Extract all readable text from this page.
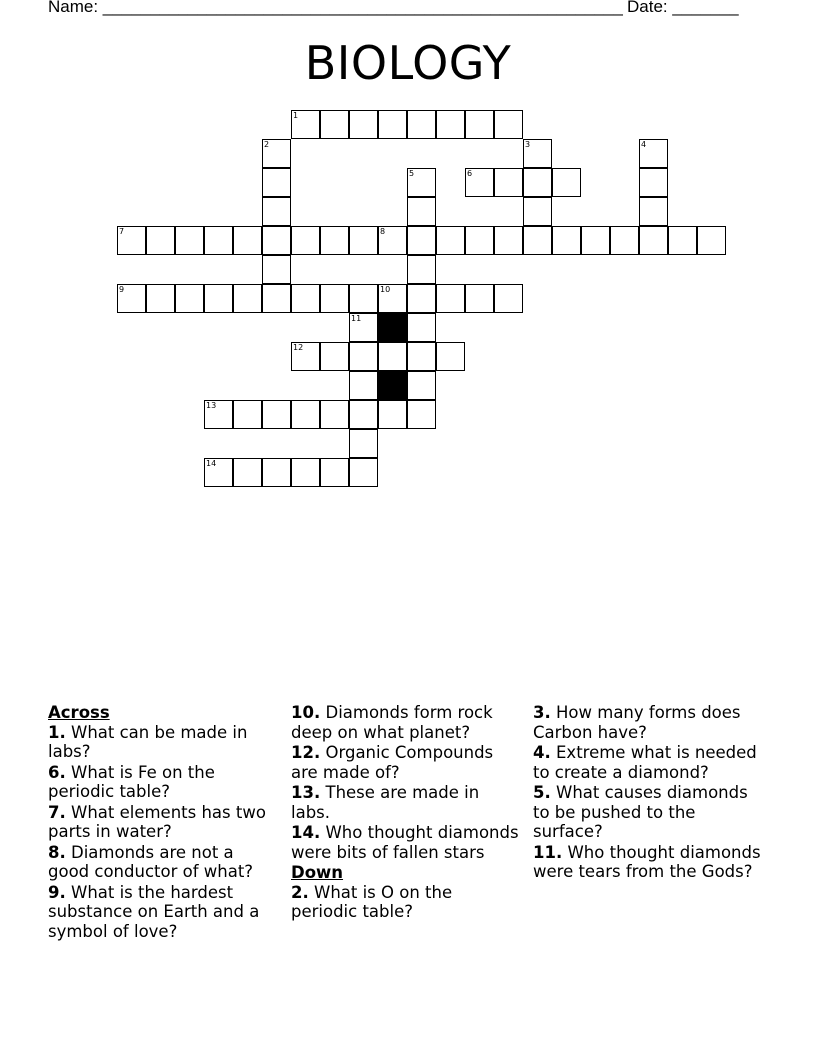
Name: _______________________________________________________ Date: _______
BIOLOGY
1
6
7	8
9	10
12
13
14
2	3	4
5
11
Across
1. What can be made in labs?
6. What is Fe on the periodic table?
7. What elements has two parts in water?
8. Diamonds are not a good conductor of what?
9. What is the hardest substance on Earth and a symbol of love?
10. Diamonds form rock deep on what planet?
12. Organic Compounds are made of?
13. These are made in labs.
14. Who thought diamonds were bits of fallen stars
Down
2. What is O on the periodic table?
3. How many forms does Carbon have?
4. Extreme what is needed to create a diamond?
5. What causes diamonds to be pushed to the surface?
11. Who thought diamonds were tears from the Gods?
